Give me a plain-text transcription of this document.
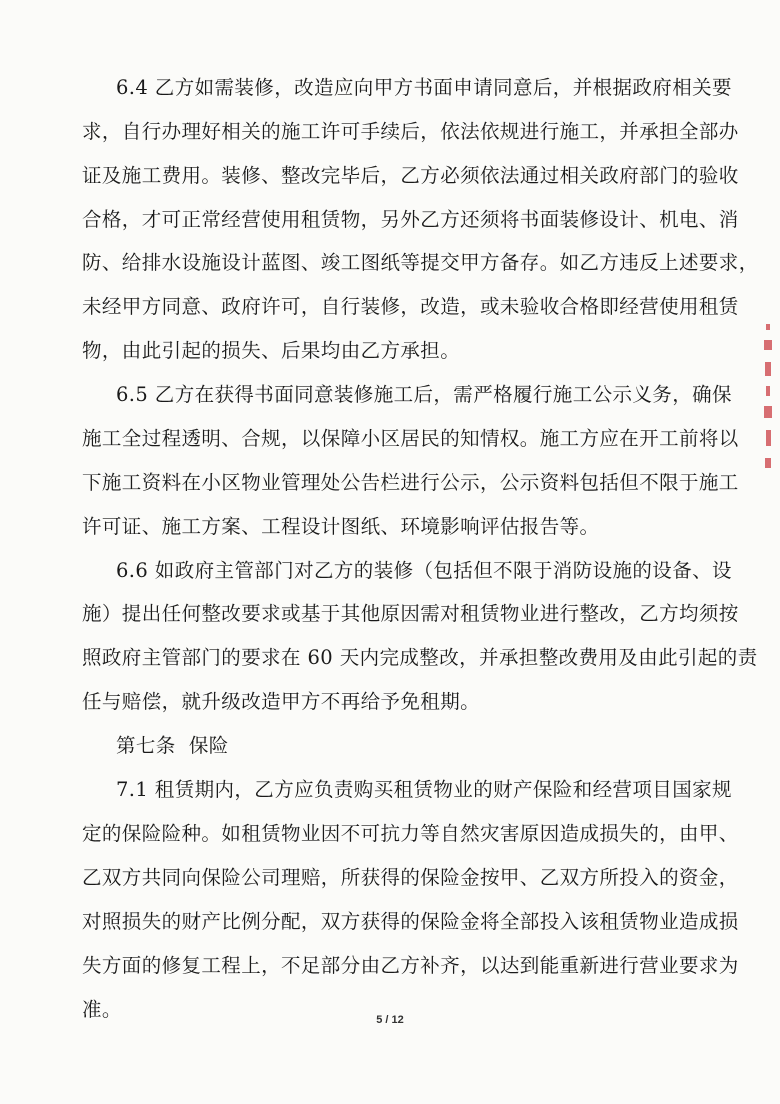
6.4 乙方如需装修，改造应向甲方书面申请同意后，并根据政府相关要
求，自行办理好相关的施工许可手续后，依法依规进行施工，并承担全部办
证及施工费用。装修、整改完毕后，乙方必须依法通过相关政府部门的验收
合格，才可正常经营使用租赁物，另外乙方还须将书面装修设计、机电、消
防、给排水设施设计蓝图、竣工图纸等提交甲方备存。如乙方违反上述要求，
未经甲方同意、政府许可，自行装修，改造，或未验收合格即经营使用租赁
物，由此引起的损失、后果均由乙方承担。
6.5 乙方在获得书面同意装修施工后，需严格履行施工公示义务，确保
施工全过程透明、合规，以保障小区居民的知情权。施工方应在开工前将以
下施工资料在小区物业管理处公告栏进行公示，公示资料包括但不限于施工
许可证、施工方案、工程设计图纸、环境影响评估报告等。
6.6 如政府主管部门对乙方的装修（包括但不限于消防设施的设备、设
施）提出任何整改要求或基于其他原因需对租赁物业进行整改，乙方均须按
照政府主管部门的要求在 60 天内完成整改，并承担整改费用及由此引起的责
任与赔偿，就升级改造甲方不再给予免租期。
第七条  保险
7.1 租赁期内，乙方应负责购买租赁物业的财产保险和经营项目国家规
定的保险险种。如租赁物业因不可抗力等自然灾害原因造成损失的，由甲、
乙双方共同向保险公司理赔，所获得的保险金按甲、乙双方所投入的资金，
对照损失的财产比例分配，双方获得的保险金将全部投入该租赁物业造成损
失方面的修复工程上，不足部分由乙方补齐，以达到能重新进行营业要求为
准。	5 / 12
